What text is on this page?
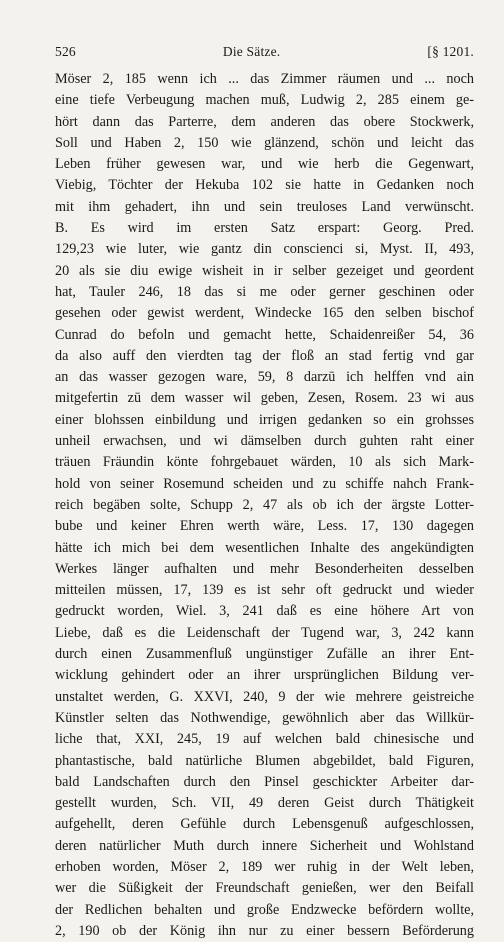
526	Die Sätze.	[§ 1201.
Möser 2, 185 wenn ich ... das Zimmer räumen und ... noch
eine tiefe Verbeugung machen muß, Ludwig 2, 285 einem ge-
hört dann das Parterre, dem anderen das obere Stockwerk,
Soll und Haben 2, 150 wie glänzend, schön und leicht das
Leben früher gewesen war, und wie herb die Gegenwart,
Viebig, Töchter der Hekuba 102 sie hatte in Gedanken noch
mit ihm gehadert, ihn und sein treuloses Land verwünscht.
B. Es wird im ersten Satz erspart: Georg. Pred.
129,23 wie luter, wie gantz din conscienci si, Myst. II, 493,
20 als sie diu ewige wisheit in ir selber gezeiget und geordent
hat, Tauler 246, 18 das si me oder gerner geschinen oder
gesehen oder gewist werdent, Windecke 165 den selben bischof
Cunrad do befoln und gemacht hette, Schaidenreißer 54, 36
da also auff den vierdten tag der floß an stad fertig vnd gar
an das wasser gezogen ware, 59, 8 darzū ich helffen vnd ain
mitgefertin zū dem wasser wil geben, Zesen, Rosem. 23 wi aus
einer blohssen einbildung und irrigen gedanken so ein grohsses
unheil erwachsen, und wi dämselben durch guhten raht einer
träuen Fräundin könte fohrgebauet wärden, 10 als sich Mark-
hold von seiner Rosemund scheiden und zu schiffe nahch Frank-
reich begäben solte, Schupp 2, 47 als ob ich der ärgste Lotter-
bube und keiner Ehren werth wäre, Less. 17, 130 dagegen
hätte ich mich bei dem wesentlichen Inhalte des angekündigten
Werkes länger aufhalten und mehr Besonderheiten desselben
mitteilen müssen, 17, 139 es ist sehr oft gedruckt und wieder
gedruckt worden, Wiel. 3, 241 daß es eine höhere Art von
Liebe, daß es die Leidenschaft der Tugend war, 3, 242 kann
durch einen Zusammenfluß ungünstiger Zufälle an ihrer Ent-
wicklung gehindert oder an ihrer ursprünglichen Bildung ver-
unstaltet werden, G. XXVI, 240, 9 der wie mehrere geistreiche
Künstler selten das Nothwendige, gewöhnlich aber das Willkür-
liche that, XXI, 245, 19 auf welchen bald chinesische und
phantastische, bald natürliche Blumen abgebildet, bald Figuren,
bald Landschaften durch den Pinsel geschickter Arbeiter dar-
gestellt wurden, Sch. VII, 49 deren Geist durch Thätigkeit
aufgehellt, deren Gefühle durch Lebensgenuß aufgeschlossen,
deren natürlicher Muth durch innere Sicherheit und Wohlstand
erhoben worden, Möser 2, 189 wer ruhig in der Welt leben,
wer die Süßigkeit der Freundschaft genießen, wer den Beifall
der Redlichen behalten und große Endzwecke befördern wollte,
2, 190 ob der König ihn nur zu einer bessern Beförderung
